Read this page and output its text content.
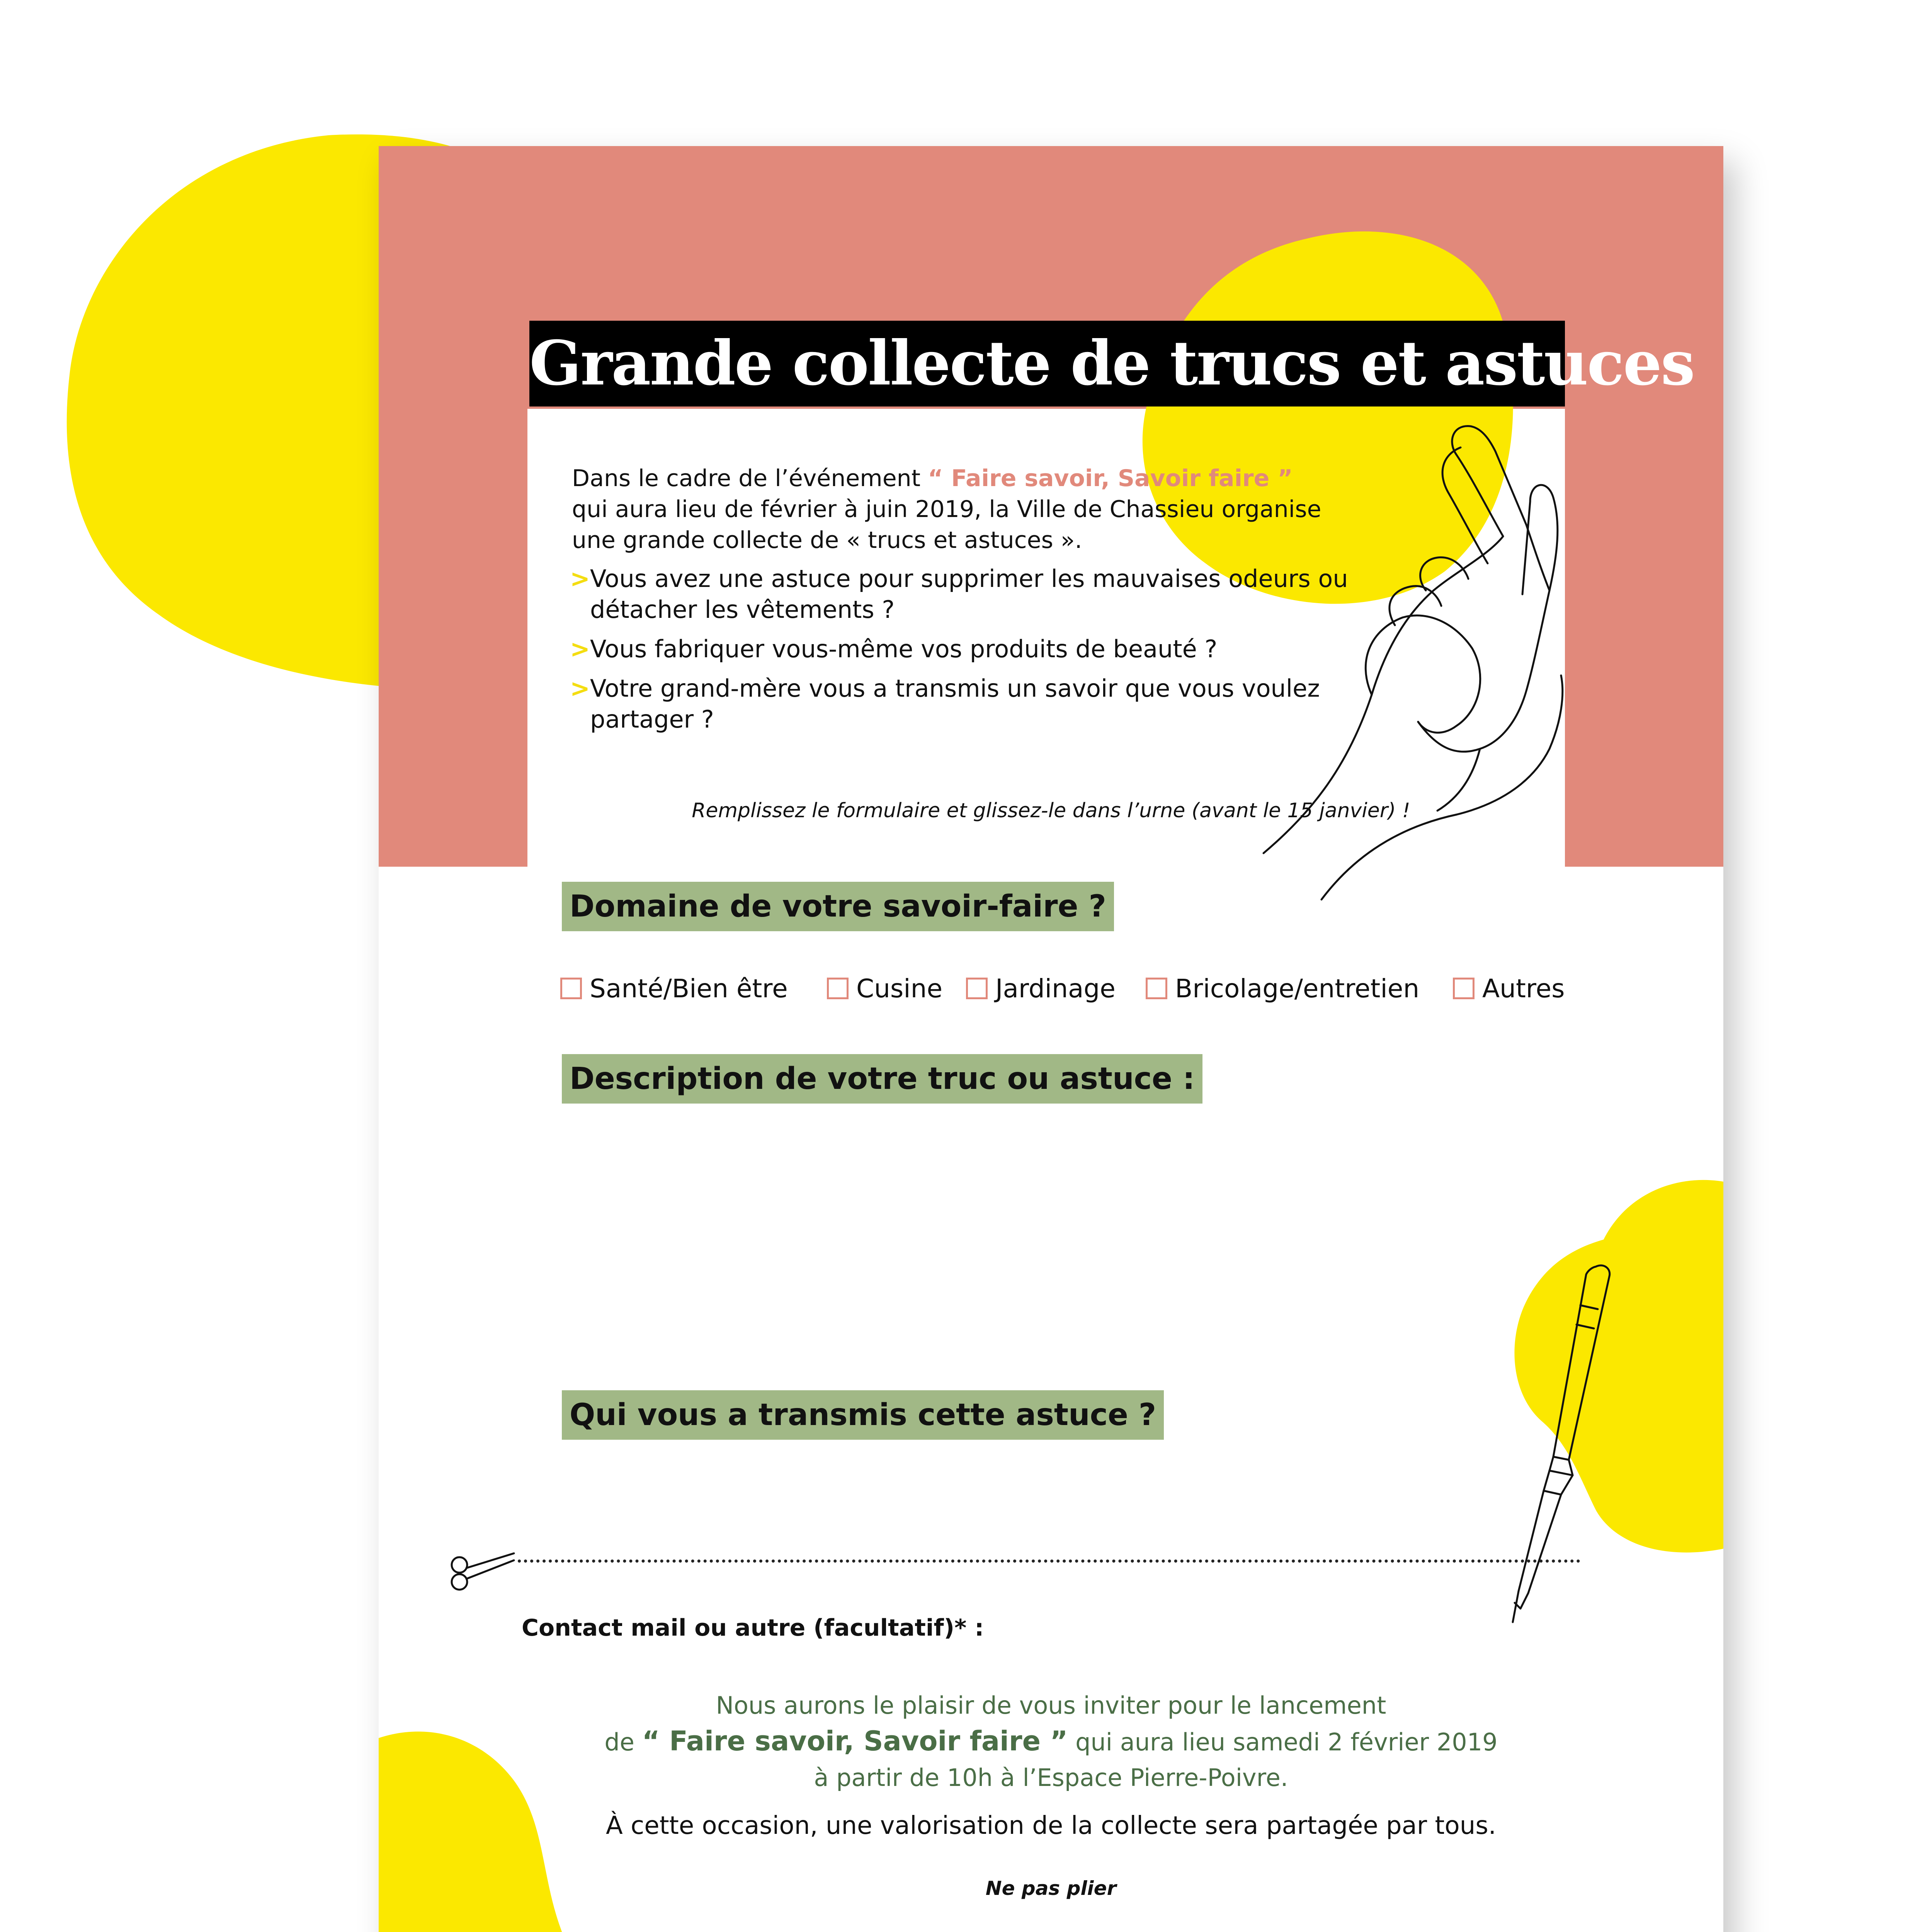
Grande collecte de trucs et astuces
Dans le cadre de l’événement “ Faire savoir, Savoir faire ”
qui aura lieu de février à juin 2019, la Ville de Chassieu organise
une grande collecte de « trucs et astuces ».
> Vous avez une astuce pour supprimer les mauvaises odeurs ou détacher les vêtements ?
> Vous fabriquer vous-même vos produits de beauté ?
> Votre grand-mère vous a transmis un savoir que vous voulez partager ?
Remplissez le formulaire et glissez-le dans l’urne (avant le 15 janvier) !
Domaine de votre savoir-faire ?
Santé/Bien être	Cusine Jardinage Bricolage/entretien Autres
Description de votre truc ou astuce :
Qui vous a transmis cette astuce ?
Contact mail ou autre (facultatif)* :
Nous aurons le plaisir de vous inviter pour le lancement
de “ Faire savoir, Savoir faire ” qui aura lieu samedi 2 février 2019
à partir de 10h à l’Espace Pierre-Poivre.
À cette occasion, une valorisation de la collecte sera partagée par tous.
Ne pas plier
